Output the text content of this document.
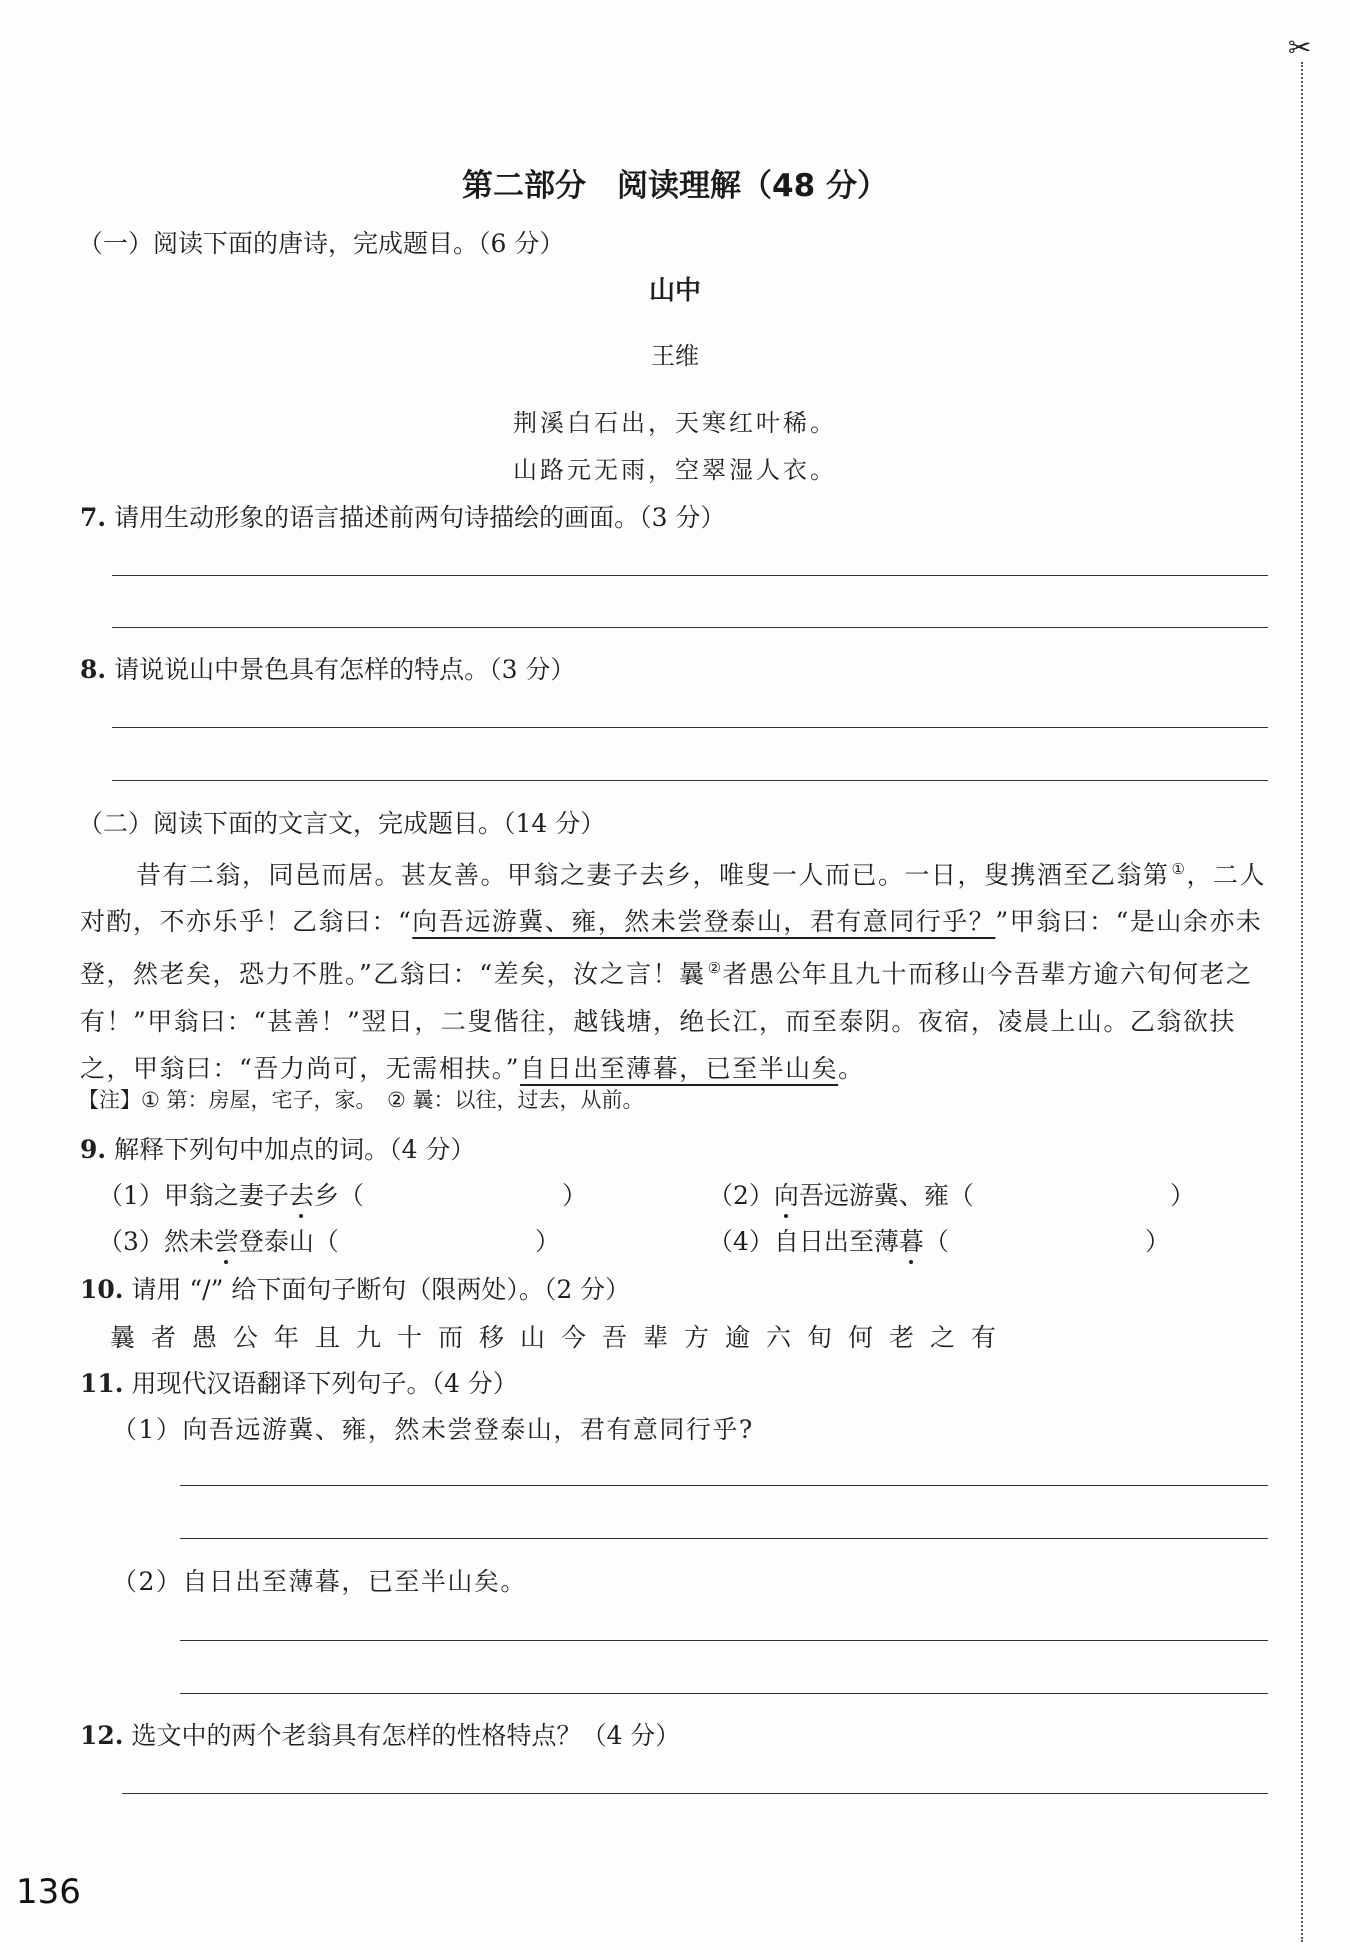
✂
第二部分　阅读理解（48 分）
（一）阅读下面的唐诗，完成题目。（6 分）
山中
王维
荆溪白石出，天寒红叶稀。
山路元无雨，空翠湿人衣。
7. 请用生动形象的语言描述前两句诗描绘的画面。（3 分）
8. 请说说山中景色具有怎样的特点。（3 分）
（二）阅读下面的文言文，完成题目。（14 分）
昔有二翁，同邑而居。甚友善。甲翁之妻子去乡，唯叟一人而已。一日，叟携酒至乙翁第 ①，二人对酌，不亦乐乎！乙翁曰：“向吾远游冀、雍，然未尝登泰山，君有意同行乎？”甲翁曰：“是山余亦未登，然老矣，恐力不胜。”乙翁曰：“差矣，汝之言！曩 ②者愚公年且九十而移山今吾辈方逾六旬何老之有！”甲翁曰：“甚善！”翌日，二叟偕往，越钱塘，绝长江，而至泰阴。夜宿，凌晨上山。乙翁欲扶之，甲翁曰：“吾力尚可，无需相扶。”自日出至薄暮，已至半山矣。
【注】① 第：房屋，宅子，家。　② 曩：以往，过去，从前。
9. 解释下列句中加点的词。（4 分）
（1）甲翁之妻子去乡（	）	（2）向吾远游冀、雍（	）
（3）然未尝登泰山（	）	（4）自日出至薄暮（	）
10. 请用 “/” 给下面句子断句（限两处）。（2 分）
曩者愚公年且九十而移山今吾辈方逾六旬何老之有
11. 用现代汉语翻译下列句子。（4 分）
（1）向吾远游冀、雍，然未尝登泰山，君有意同行乎?
（2）自日出至薄暮，已至半山矣。
12. 选文中的两个老翁具有怎样的性格特点？（4 分）
136
